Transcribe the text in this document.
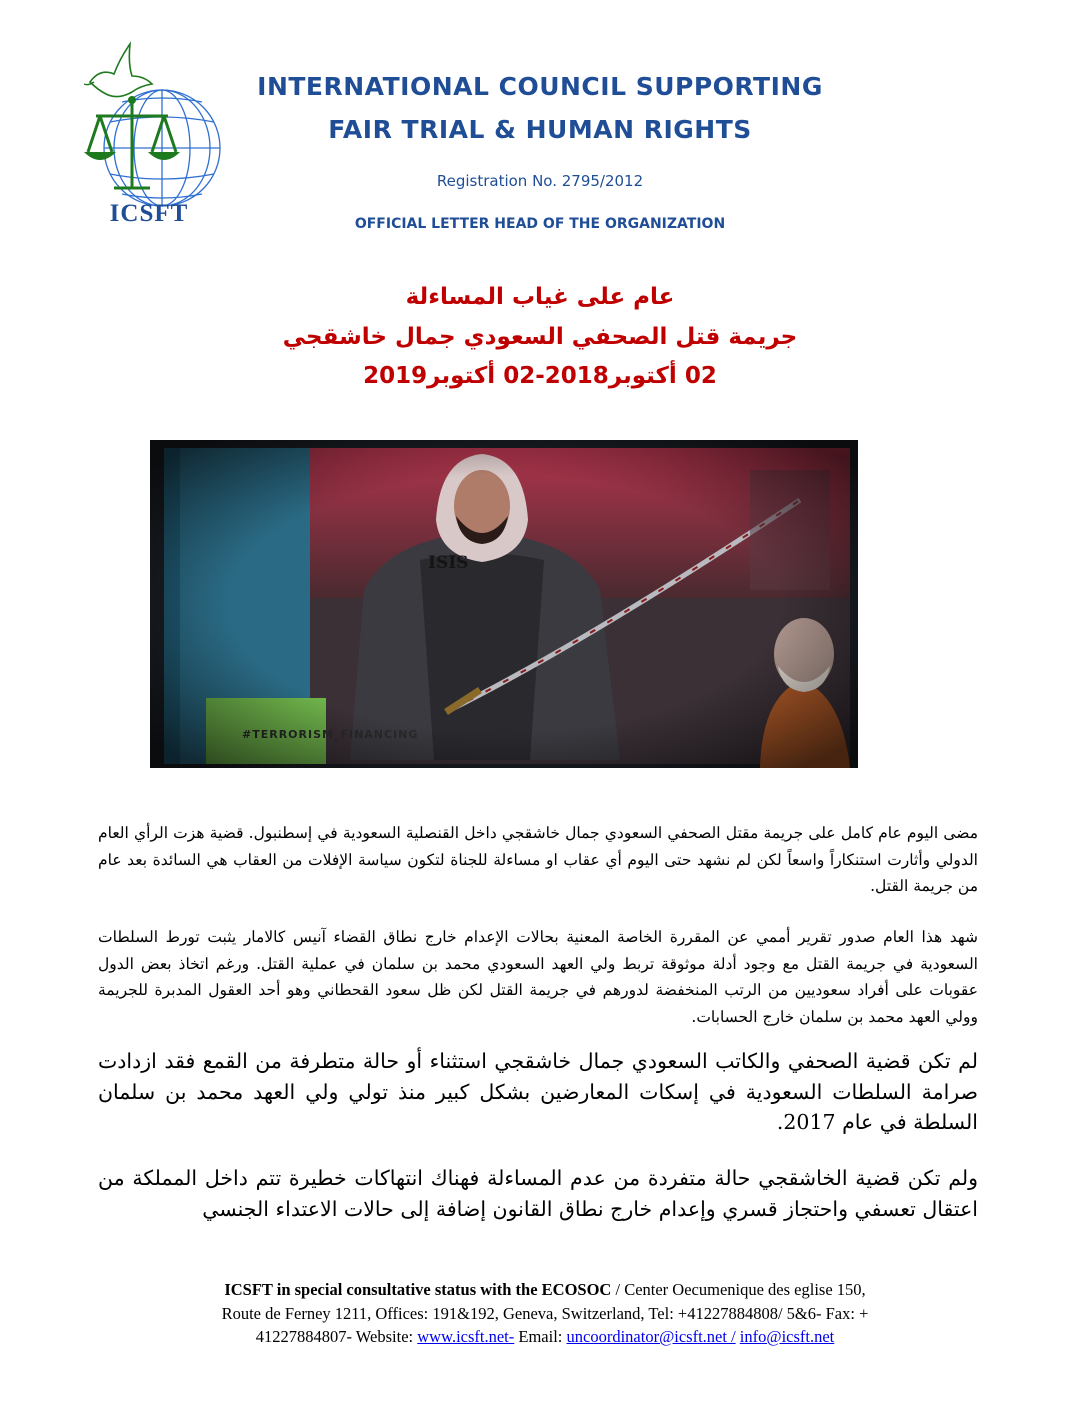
ICSFT
INTERNATIONAL COUNCIL SUPPORTING
FAIR TRIAL & HUMAN RIGHTS
Registration No. 2795/2012
OFFICIAL LETTER HEAD OF THE ORGANIZATION
عام على غياب المساءلة
جريمة قتل الصحفي السعودي جمال خاشقجي
02 أكتوبر2018-02 أكتوبر2019
مضى اليوم عام كامل على جريمة مقتل الصحفي السعودي جمال خاشقجي داخل القنصلية السعودية في إسطنبول. قضية هزت الرأي العام الدولي وأثارت استنكاراً واسعاً لكن لم نشهد حتى اليوم أي عقاب او مساءلة للجناة لتكون سياسة الإفلات من العقاب هي السائدة بعد عام من جريمة القتل.
شهد هذا العام صدور تقرير أممي عن المقررة الخاصة المعنية بحالات الإعدام خارج نطاق القضاء آنيس كالامار يثبت تورط السلطات السعودية في جريمة القتل مع وجود أدلة موثوقة تربط ولي العهد السعودي محمد بن سلمان في عملية القتل. ورغم اتخاذ بعض الدول عقوبات على أفراد سعوديين من الرتب المنخفضة لدورهم في جريمة القتل لكن ظل سعود القحطاني وهو أحد العقول المدبرة للجريمة وولي العهد محمد بن سلمان خارج الحسابات.
لم تكن قضية الصحفي والكاتب السعودي جمال خاشقجي استثناء أو حالة متطرفة من القمع فقد ازدادت صرامة السلطات السعودية في إسكات المعارضين بشكل كبير منذ تولي ولي العهد محمد بن سلمان السلطة في عام 2017.
ولم تكن قضية الخاشقجي حالة متفردة من عدم المساءلة فهناك انتهاكات خطيرة تتم داخل المملكة من اعتقال تعسفي واحتجاز قسري وإعدام خارج نطاق القانون إضافة إلى حالات الاعتداء الجنسي
ICSFT in special consultative status with the ECOSOC / Center Oecumenique des eglise 150,
Route de Ferney 1211, Offices: 191&192, Geneva, Switzerland, Tel: +41227884808/ 5&6- Fax: +
41227884807- Website: www.icsft.net- Email: uncoordinator@icsft.net / info@icsft.net
